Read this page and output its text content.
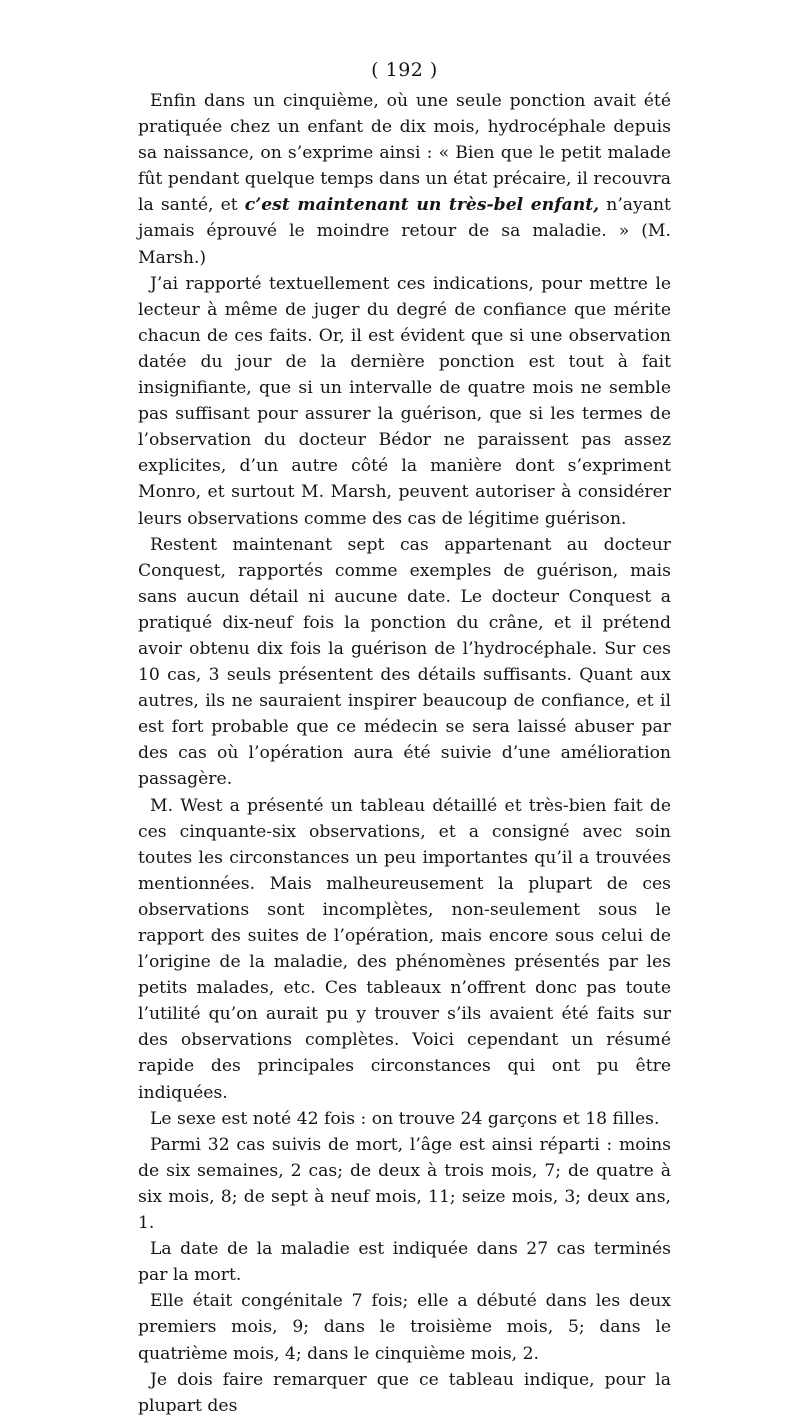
( 192 )

Enfin dans un cinquième, où une seule ponction avait été pratiquée chez un enfant de dix mois, hydrocéphale depuis sa naissance, on s’exprime ainsi : « Bien que le petit malade fût pendant quelque temps dans un état précaire, il recouvra la santé, et c’est maintenant un très-bel enfant, n’ayant jamais éprouvé le moindre retour de sa maladie. » (M. Marsh.)

J’ai rapporté textuellement ces indications, pour mettre le lecteur à même de juger du degré de confiance que mérite chacun de ces faits. Or, il est évident que si une observation datée du jour de la dernière ponction est tout à fait insignifiante, que si un intervalle de quatre mois ne semble pas suffisant pour assurer la guérison, que si les termes de l’observation du docteur Bédor ne paraissent pas assez explicites, d’un autre côté la manière dont s’expriment Monro, et surtout M. Marsh, peuvent autoriser à considérer leurs observations comme des cas de légitime guérison.

Restent maintenant sept cas appartenant au docteur Conquest, rapportés comme exemples de guérison, mais sans aucun détail ni aucune date. Le docteur Conquest a pratiqué dix-neuf fois la ponction du crâne, et il prétend avoir obtenu dix fois la guérison de l’hydrocéphale. Sur ces 10 cas, 3 seuls présentent des détails suffisants. Quant aux autres, ils ne sauraient inspirer beaucoup de confiance, et il est fort probable que ce médecin se sera laissé abuser par des cas où l’opération aura été suivie d’une amélioration passagère.

M. West a présenté un tableau détaillé et très-bien fait de ces cinquante-six observations, et a consigné avec soin toutes les circonstances un peu importantes qu’il a trouvées mentionnées. Mais malheureusement la plupart de ces observations sont incomplètes, non-seulement sous le rapport des suites de l’opération, mais encore sous celui de l’origine de la maladie, des phénomènes présentés par les petits malades, etc. Ces tableaux n’offrent donc pas toute l’utilité qu’on aurait pu y trouver s’ils avaient été faits sur des observations complètes. Voici cependant un résumé rapide des principales circonstances qui ont pu être indiquées.

Le sexe est noté 42 fois : on trouve 24 garçons et 18 filles.

Parmi 32 cas suivis de mort, l’âge est ainsi réparti : moins de six semaines, 2 cas; de deux à trois mois, 7; de quatre à six mois, 8; de sept à neuf mois, 11; seize mois, 3; deux ans, 1.

La date de la maladie est indiquée dans 27 cas terminés par la mort.

Elle était congénitale 7 fois; elle a débuté dans les deux premiers mois, 9; dans le troisième mois, 5; dans le quatrième mois, 4; dans le cinquième mois, 2.

Je dois faire remarquer que ce tableau indique, pour la plupart des
